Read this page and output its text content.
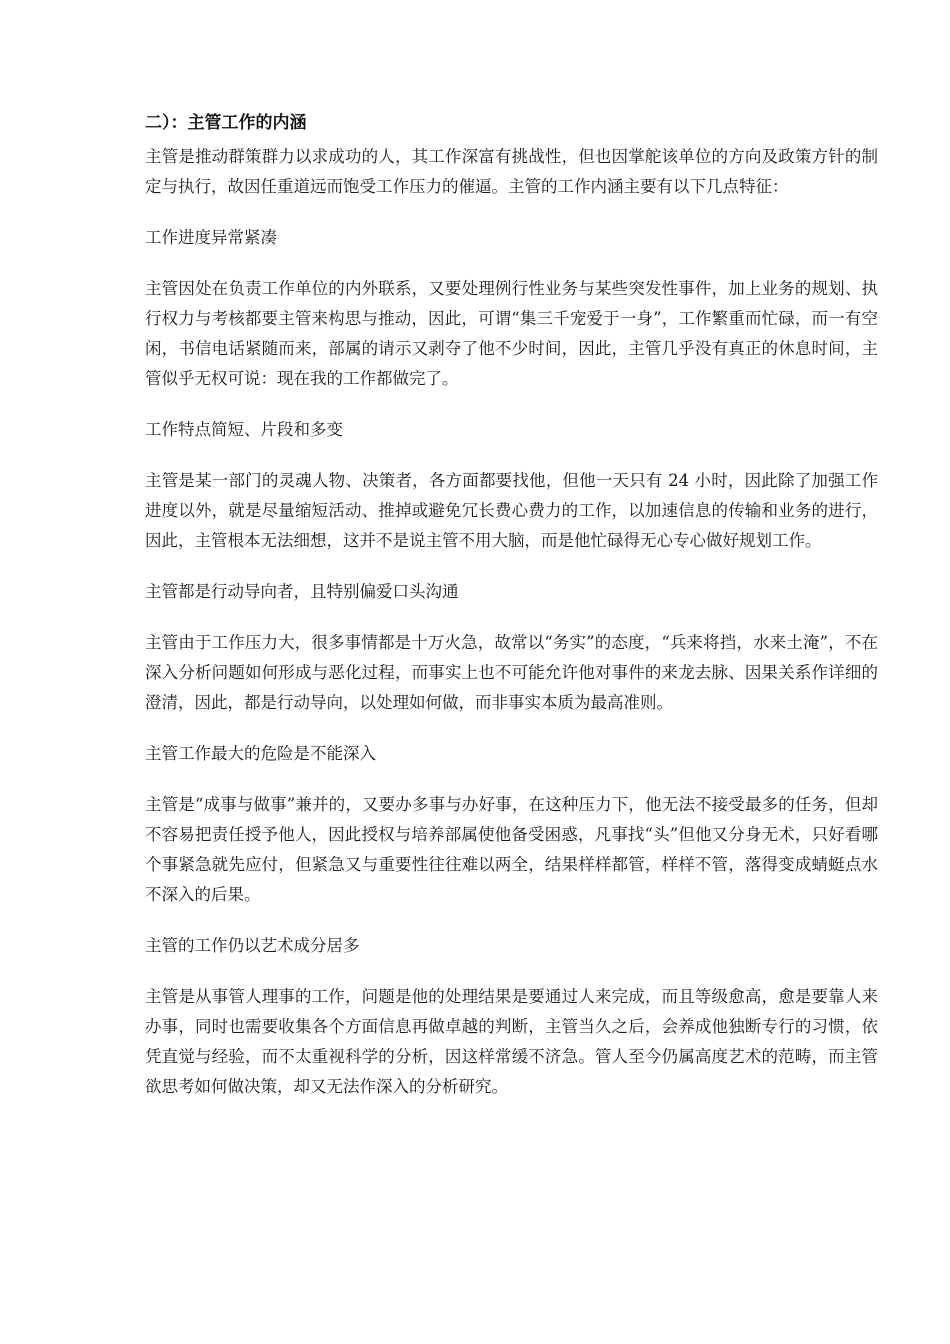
二）：主管工作的内涵

主管是推动群策群力以求成功的人，其工作深富有挑战性，但也因掌舵该单位的方向及政策方针的制定与执行，故因任重道远而饱受工作压力的催逼。主管的工作内涵主要有以下几点特征：

工作进度异常紧凑

主管因处在负责工作单位的内外联系，又要处理例行性业务与某些突发性事件，加上业务的规划、执行权力与考核都要主管来构思与推动，因此，可谓“集三千宠爱于一身”，工作繁重而忙碌，而一有空闲，书信电话紧随而来，部属的请示又剥夺了他不少时间，因此，主管几乎没有真正的休息时间，主管似乎无权可说：现在我的工作都做完了。

工作特点简短、片段和多变

主管是某一部门的灵魂人物、决策者，各方面都要找他，但他一天只有 24 小时，因此除了加强工作进度以外，就是尽量缩短活动、推掉或避免冗长费心费力的工作，以加速信息的传输和业务的进行，因此，主管根本无法细想，这并不是说主管不用大脑，而是他忙碌得无心专心做好规划工作。

主管都是行动导向者，且特别偏爱口头沟通

主管由于工作压力大，很多事情都是十万火急，故常以“务实”的态度，“兵来将挡，水来土淹”，不在深入分析问题如何形成与恶化过程，而事实上也不可能允许他对事件的来龙去脉、因果关系作详细的澄清，因此，都是行动导向，以处理如何做，而非事实本质为最高准则。

主管工作最大的危险是不能深入

主管是“成事与做事”兼并的，又要办多事与办好事，在这种压力下，他无法不接受最多的任务，但却不容易把责任授予他人，因此授权与培养部属使他备受困惑，凡事找“头”但他又分身无术，只好看哪个事紧急就先应付，但紧急又与重要性往往难以两全，结果样样都管，样样不管，落得变成蜻蜓点水不深入的后果。

主管的工作仍以艺术成分居多

主管是从事管人理事的工作，问题是他的处理结果是要通过人来完成，而且等级愈高，愈是要靠人来办事，同时也需要收集各个方面信息再做卓越的判断，主管当久之后，会养成他独断专行的习惯，依凭直觉与经验，而不太重视科学的分析，因这样常缓不济急。管人至今仍属高度艺术的范畴，而主管欲思考如何做决策，却又无法作深入的分析研究。
